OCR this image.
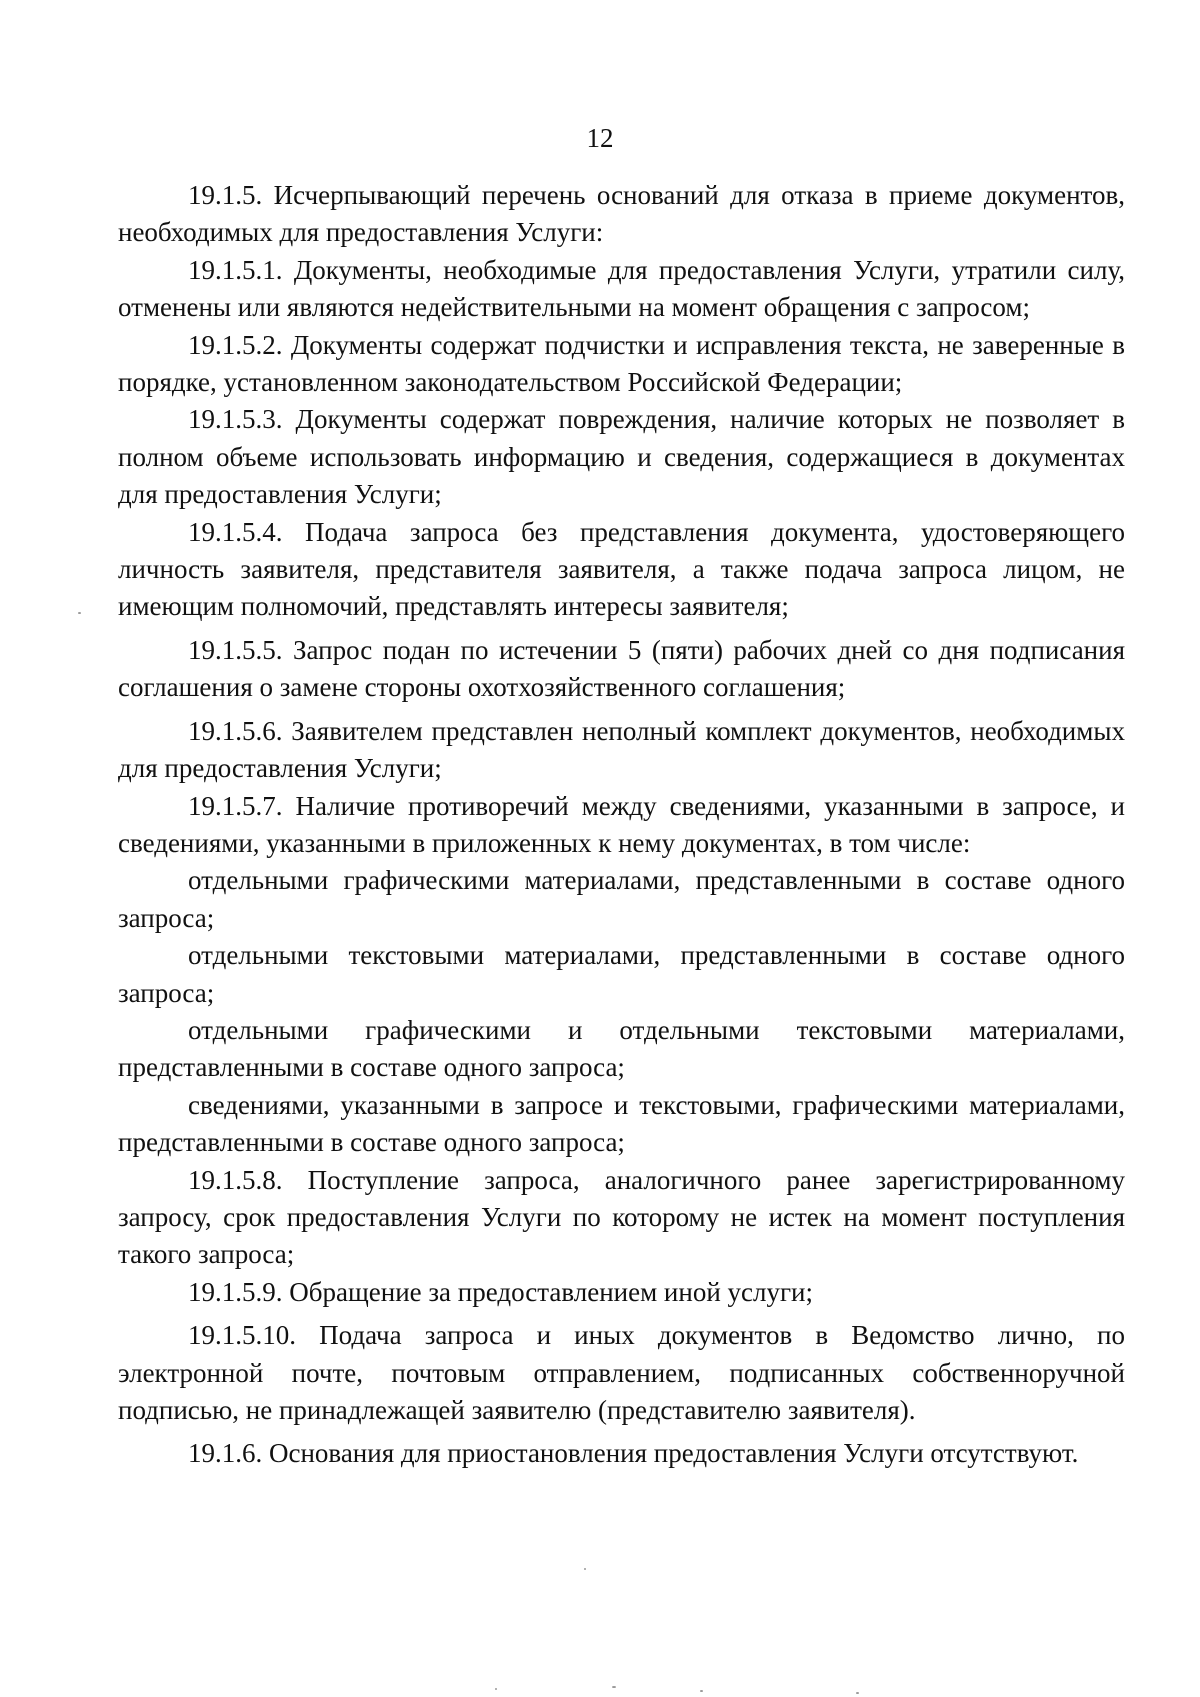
12

19.1.5. Исчерпывающий перечень оснований для отказа в приеме документов, необходимых для предоставления Услуги:

19.1.5.1. Документы, необходимые для предоставления Услуги, утратили силу, отменены или являются недействительными на момент обращения с запросом;

19.1.5.2. Документы содержат подчистки и исправления текста, не заверенные в порядке, установленном законодательством Российской Федерации;

19.1.5.3. Документы содержат повреждения, наличие которых не позволяет в полном объеме использовать информацию и сведения, содержащиеся в документах для предоставления Услуги;

19.1.5.4. Подача запроса без представления документа, удостоверяющего личность заявителя, представителя заявителя, а также подача запроса лицом, не имеющим полномочий, представлять интересы заявителя;

19.1.5.5. Запрос подан по истечении 5 (пяти) рабочих дней со дня подписания соглашения о замене стороны охотхозяйственного соглашения;

19.1.5.6. Заявителем представлен неполный комплект документов, необходимых для предоставления Услуги;

19.1.5.7. Наличие противоречий между сведениями, указанными в запросе, и сведениями, указанными в приложенных к нему документах, в том числе:

отдельными графическими материалами, представленными в составе одного запроса;

отдельными текстовыми материалами, представленными в составе одного запроса;

отдельными графическими и отдельными текстовыми материалами, представленными в составе одного запроса;

сведениями, указанными в запросе и текстовыми, графическими материалами, представленными в составе одного запроса;

19.1.5.8. Поступление запроса, аналогичного ранее зарегистрированному запросу, срок предоставления Услуги по которому не истек на момент поступления такого запроса;

19.1.5.9. Обращение за предоставлением иной услуги;

19.1.5.10. Подача запроса и иных документов в Ведомство лично, по электронной почте, почтовым отправлением, подписанных собственноручной подписью, не принадлежащей заявителю (представителю заявителя).

19.1.6. Основания для приостановления предоставления Услуги отсутствуют.
